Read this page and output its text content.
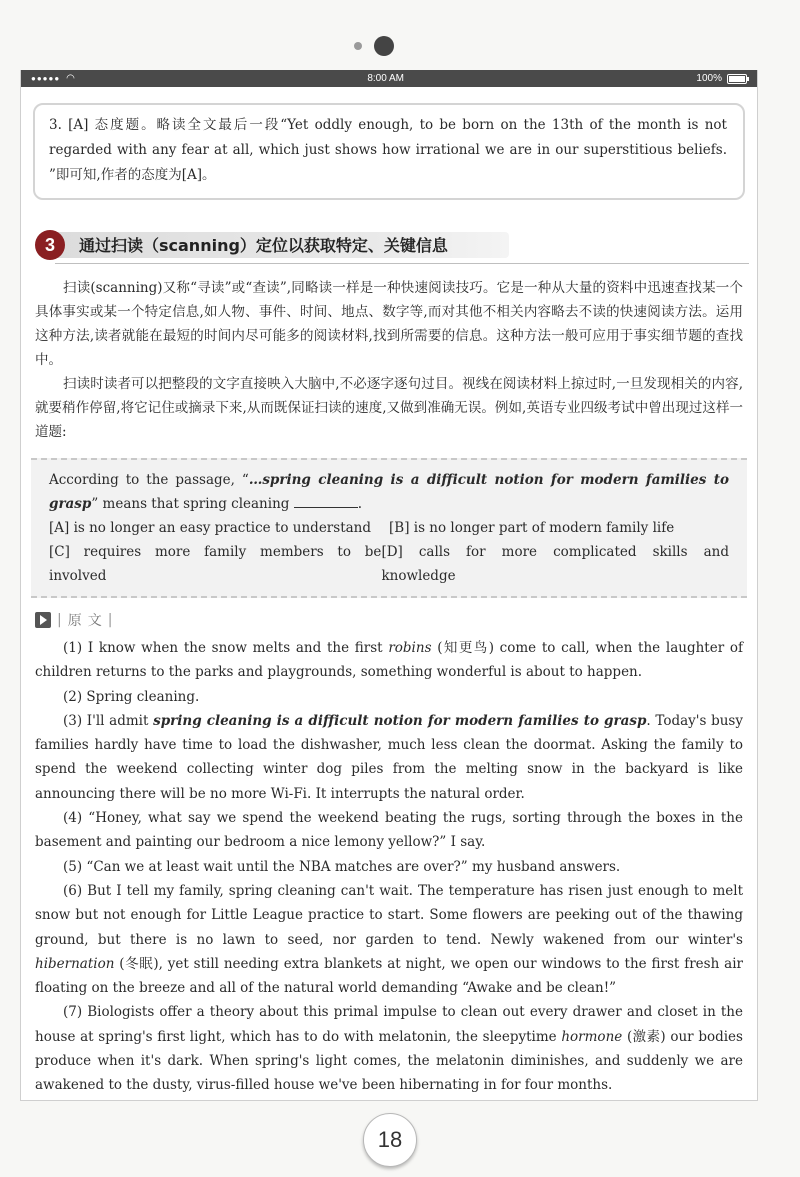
●●●●● ◠	8:00 AM	100%
3. [A] 态度题。略读全文最后一段“Yet oddly enough, to be born on the 13th of the month is not regarded with any fear at all, which just shows how irrational we are in our superstitious beliefs. ”即可知,作者的态度为[A]。
3	通过扫读（scanning）定位以获取特定、关键信息

扫读(scanning)又称“寻读”或“查读”,同略读一样是一种快速阅读技巧。它是一种从大量的资料中迅速查找某一个具体事实或某一个特定信息,如人物、事件、时间、地点、数字等,而对其他不相关内容略去不读的快速阅读方法。运用这种方法,读者就能在最短的时间内尽可能多的阅读材料,找到所需要的信息。这种方法一般可应用于事实细节题的查找中。

扫读时读者可以把整段的文字直接映入大脑中,不必逐字逐句过目。视线在阅读材料上掠过时,一旦发现相关的内容,就要稍作停留,将它记住或摘录下来,从而既保证扫读的速度,又做到准确无误。例如,英语专业四级考试中曾出现过这样一道题:

According to the passage, “…spring cleaning is a difficult notion for modern families to grasp” means that spring cleaning	.
[A] is no longer an easy practice to understand	[B] is no longer part of modern family life
[C] requires more family members to be involved
[D] calls for more complicated skills and knowledge
| 原 文 |

(1) I know when the snow melts and the first robins (知更鸟) come to call, when the laughter of children returns to the parks and playgrounds, something wonderful is about to happen.

(2) Spring cleaning.

(3) I'll admit spring cleaning is a difficult notion for modern families to grasp. Today's busy families hardly have time to load the dishwasher, much less clean the doormat. Asking the family to spend the weekend collecting winter dog piles from the melting snow in the backyard is like announcing there will be no more Wi-Fi. It interrupts the natural order.

(4) “Honey, what say we spend the weekend beating the rugs, sorting through the boxes in the basement and painting our bedroom a nice lemony yellow?” I say.

(5) “Can we at least wait until the NBA matches are over?” my husband answers.

(6) But I tell my family, spring cleaning can't wait. The temperature has risen just enough to melt snow but not enough for Little League practice to start. Some flowers are peeking out of the thawing ground, but there is no lawn to seed, nor garden to tend. Newly wakened from our winter's hibernation (冬眠), yet still needing extra blankets at night, we open our windows to the first fresh air floating on the breeze and all of the natural world demanding “Awake and be clean!”

(7) Biologists offer a theory about this primal impulse to clean out every drawer and closet in the house at spring's first light, which has to do with melatonin, the sleepytime hormone (激素) our bodies produce when it's dark. When spring's light comes, the melatonin diminishes, and suddenly we are awakened to the dusty, virus-filled house we've been hibernating in for four months.

18
